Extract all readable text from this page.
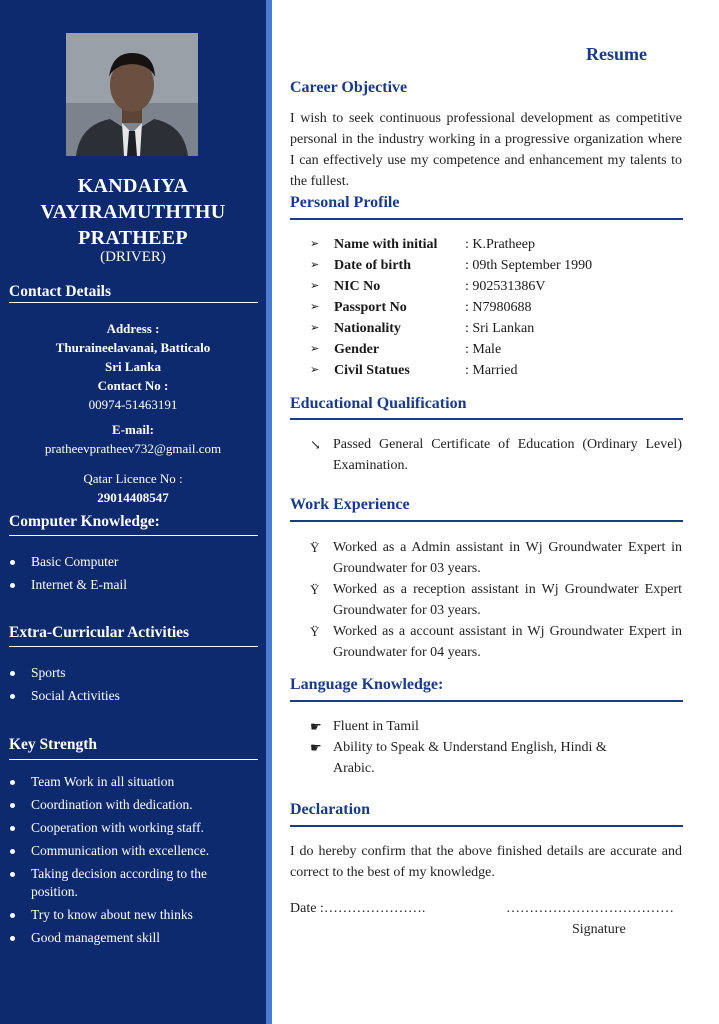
KANDAIYA
VAYIRAMUTHTHU
PRATHEEP
(DRIVER)
Contact Details
Address :
Thuraineelavanai, Batticalo
Sri Lanka
Contact No :
00974-51463191
E-mail:
pratheevpratheev732@gmail.com
Qatar Licence No :
29014408547
Computer Knowledge:
Basic Computer
Internet & E-mail
Extra-Curricular Activities
Sports
Social Activities
Key Strength
Team Work in all situation
Coordination with dedication.
Cooperation with working staff.
Communication with excellence.
Taking decision according to the position.
Try to know about new thinks
Good management skill
Resume
Career Objective
I wish to seek continuous professional development as competitive personal in the industry working in a progressive organization where I can effectively use my competence and enhancement my talents to the fullest.
Personal Profile
➢	Name with initial	: K.Pratheep
➢	Date of birth	: 09th September 1990
➢	NIC No	: 902531386V
➢	Passport No	: N7980688
➢	Nationality	: Sri Lankan
➢	Gender	: Male
➢	Civil Statues	: Married
Educational Qualification
↘ Passed General Certificate of Education (Ordinary Level) Examination.
Work Experience
Ÿ Worked as a Admin assistant in Wj Groundwater Expert in Groundwater for 03 years.
Ÿ Worked as a reception assistant in Wj Groundwater Expert Groundwater for 03 years.
Ÿ Worked as a account assistant in Wj Groundwater Expert in Groundwater for 04 years.
Language Knowledge:
☛ Fluent in Tamil
☛ Ability to Speak & Understand English, Hindi & Arabic.
Declaration
I do hereby confirm that the above finished details are accurate and correct to the best of my knowledge.
Date :………………….	………………………………
Signature
